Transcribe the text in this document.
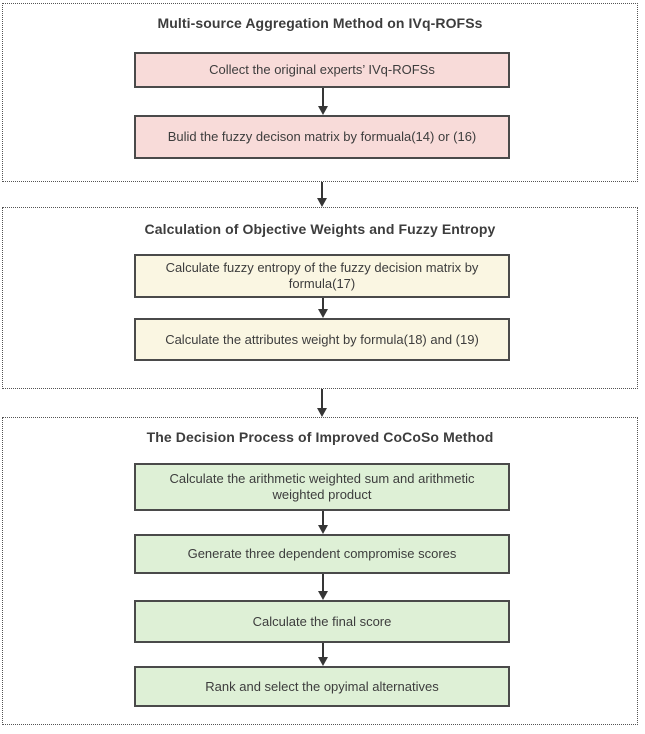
Multi-source Aggregation Method on IVq-ROFSs
Collect the original experts’ IVq-ROFSs
Bulid the fuzzy decison matrix by formuala(14) or (16)
Calculation of Objective Weights and Fuzzy Entropy
Calculate fuzzy entropy of the fuzzy decision matrix by formula(17)
Calculate the attributes weight by formula(18) and (19)
The Decision Process of Improved CoCoSo Method
Calculate the arithmetic weighted sum and arithmetic weighted product
Generate three dependent compromise scores
Calculate the final score
Rank and select the opyimal alternatives
